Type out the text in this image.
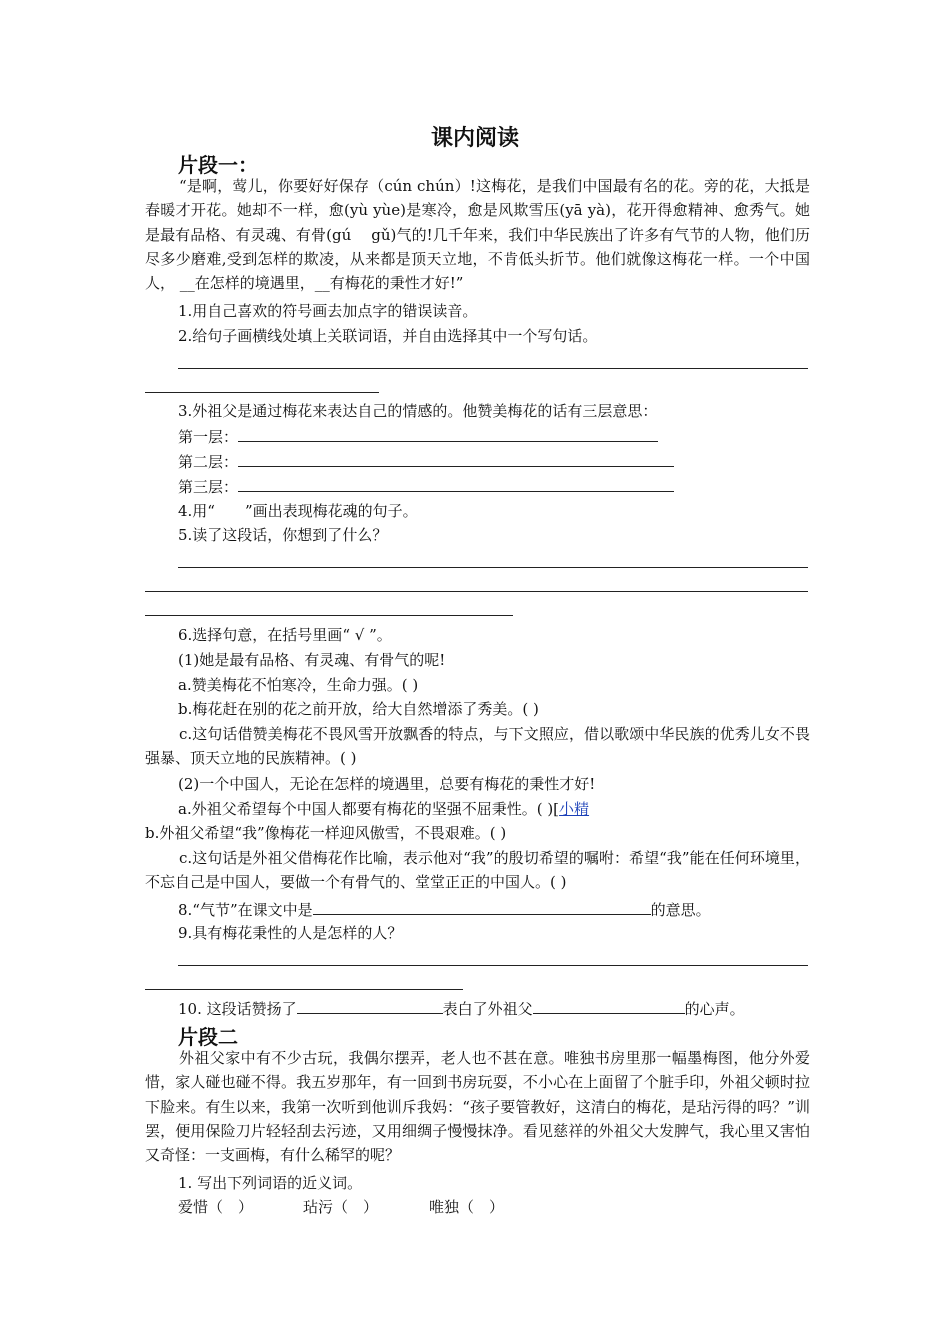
课内阅读
片段一：
“是啊，莺儿，你要好好保存（cún chún）!这梅花，是我们中国最有名的花。旁的花，大抵是春暖才开花。她却不一样，愈(yù yùe)是寒冷，愈是风欺雪压(yā yà)，花开得愈精神、愈秀气。她是最有品格、有灵魂、有骨(gú　 gǔ)气的!几千年来，我们中华民族出了许多有气节的人物，他们历尽多少磨难,受到怎样的欺凌，从来都是顶天立地，不肯低头折节。他们就像这梅花一样。一个中国人， __在怎样的境遇里，__有梅花的秉性才好!”
1.用自己喜欢的符号画去加点字的错误读音。
2.给句子画横线处填上关联词语，并自由选择其中一个写句话。
3.外祖父是通过梅花来表达自己的情感的。他赞美梅花的话有三层意思：
第一层：
第二层：
第三层：
4.用“　　”画出表现梅花魂的句子。
5.读了这段话，你想到了什么？
6.选择句意，在括号里画“ √ ”。
(1)她是最有品格、有灵魂、有骨气的呢!
a.赞美梅花不怕寒冷，生命力强。( )
b.梅花赶在别的花之前开放，给大自然增添了秀美。( )
c.这句话借赞美梅花不畏风雪开放飘香的特点，与下文照应，借以歌颂中华民族的优秀儿女不畏强暴、顶天立地的民族精神。( )
(2)一个中国人，无论在怎样的境遇里，总要有梅花的秉性才好!
a.外祖父希望每个中国人都要有梅花的坚强不屈秉性。( )[小精
b.外祖父希望“我”像梅花一样迎风傲雪，不畏艰难。( )
c.这句话是外祖父借梅花作比喻，表示他对“我”的殷切希望的嘱咐：希望“我”能在任何环境里，不忘自己是中国人，要做一个有骨气的、堂堂正正的中国人。( )
8.“气节”在课文中是	的意思。
9.具有梅花秉性的人是怎样的人？
10. 这段话赞扬了	表白了外祖父	的心声。
片段二
外祖父家中有不少古玩，我偶尔摆弄，老人也不甚在意。唯独书房里那一幅墨梅图，他分外爱惜，家人碰也碰不得。我五岁那年，有一回到书房玩耍，不小心在上面留了个脏手印，外祖父顿时拉下脸来。有生以来，我第一次听到他训斥我妈：“孩子要管教好，这清白的梅花，是玷污得的吗？”训罢，便用保险刀片轻轻刮去污迹，又用细绸子慢慢抹净。看见慈祥的外祖父大发脾气，我心里又害怕又奇怪：一支画梅，有什么稀罕的呢？
1. 写出下列词语的近义词。
爱惜（　）	玷污（　）	唯独（　）
